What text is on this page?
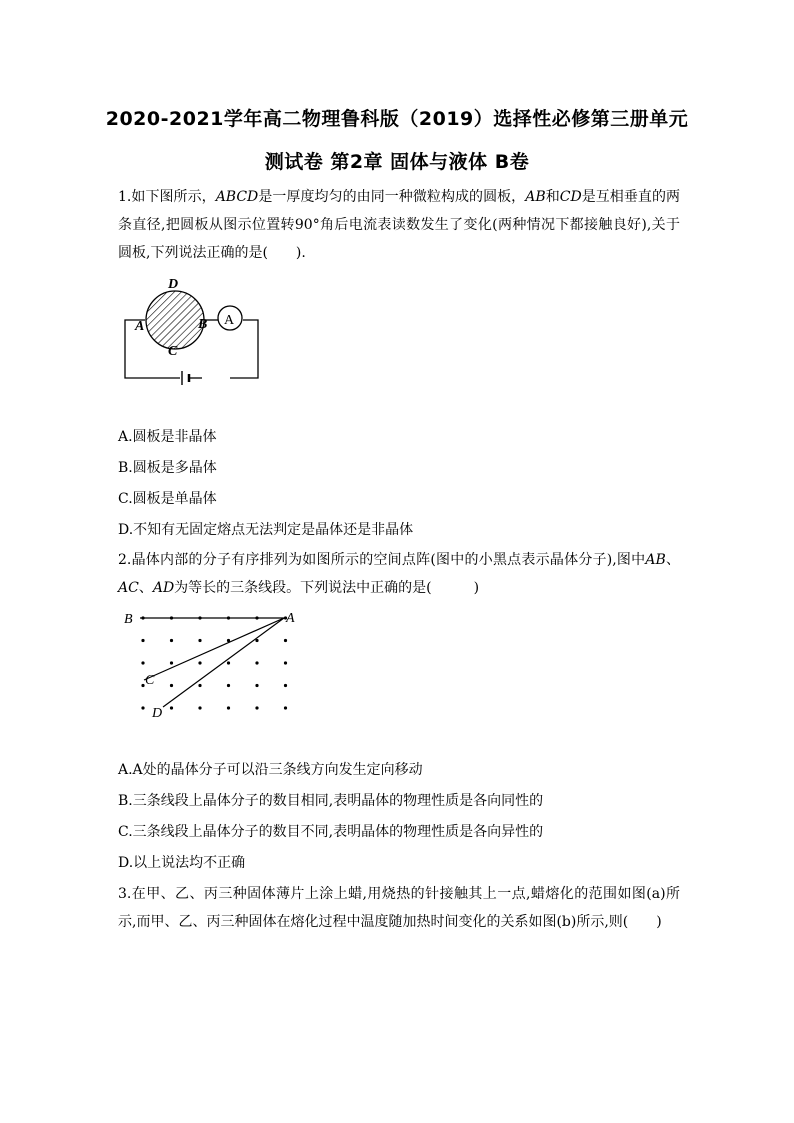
2020-2021学年高二物理鲁科版（2019）选择性必修第三册单元
测试卷 第2章 固体与液体 B卷
1.如下图所示，ABCD是一厚度均匀的由同一种微粒构成的圆板，AB和CD是互相垂直的两条直径,把圆板从图示位置转90°角后电流表读数发生了变化(两种情况下都接触良好),关于圆板,下列说法正确的是(　　).
D
A	B
C
A
A.圆板是非晶体
B.圆板是多晶体
C.圆板是单晶体
D.不知有无固定熔点无法判定是晶体还是非晶体
2.晶体内部的分子有序排列为如图所示的空间点阵(图中的小黑点表示晶体分子),图中AB、AC、AD为等长的三条线段。下列说法中正确的是(　　　)
B	A
C
D
A.A处的晶体分子可以沿三条线方向发生定向移动
B.三条线段上晶体分子的数目相同,表明晶体的物理性质是各向同性的
C.三条线段上晶体分子的数目不同,表明晶体的物理性质是各向异性的
D.以上说法均不正确
3.在甲、乙、丙三种固体薄片上涂上蜡,用烧热的针接触其上一点,蜡熔化的范围如图(a)所示,而甲、乙、丙三种固体在熔化过程中温度随加热时间变化的关系如图(b)所示,则(　　)
